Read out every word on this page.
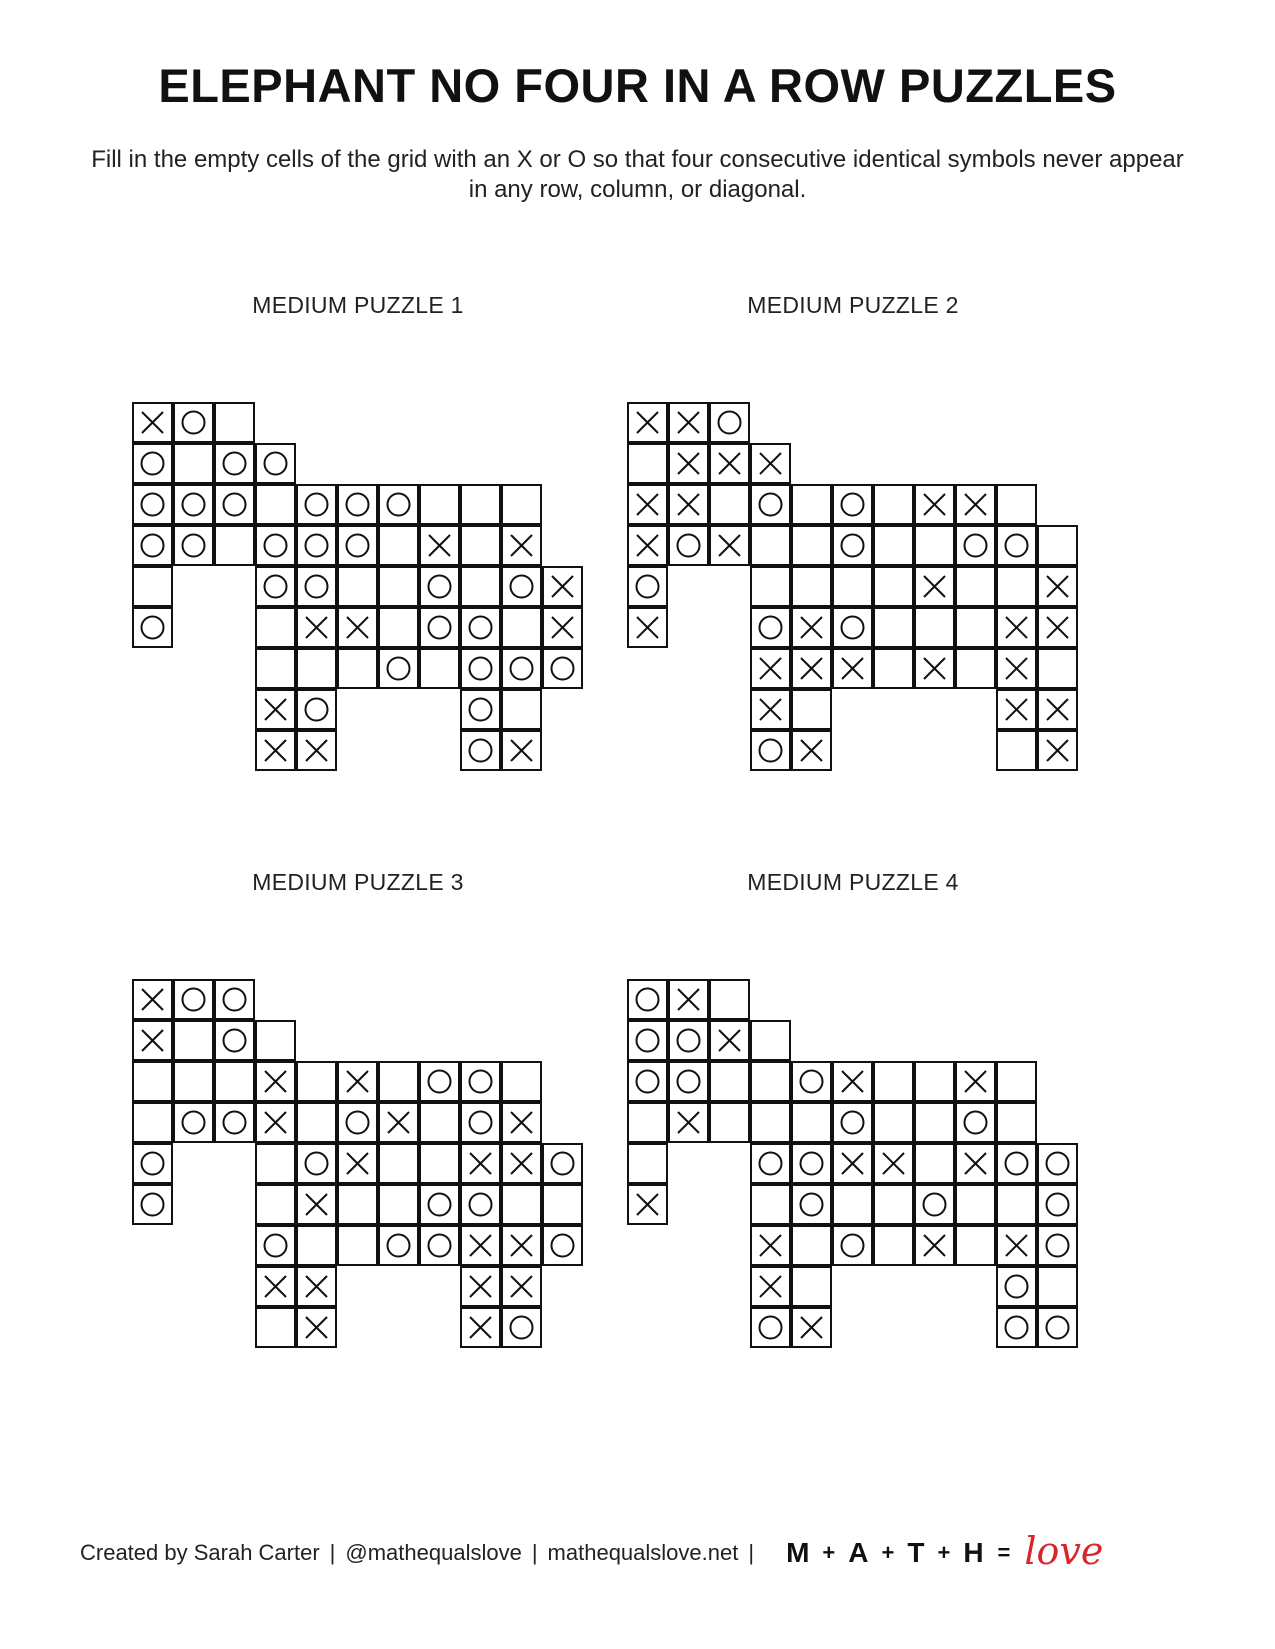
ELEPHANT NO FOUR IN A ROW PUZZLES
Fill in the empty cells of the grid with an X or O so that four consecutive identical symbols never appear in any row, column, or diagonal.
MEDIUM PUZZLE 1	MEDIUM PUZZLE 2
MEDIUM PUZZLE 3	MEDIUM PUZZLE 4
Created by Sarah Carter | @mathequalslove | mathequalslove.net | M + A + T + H = love
